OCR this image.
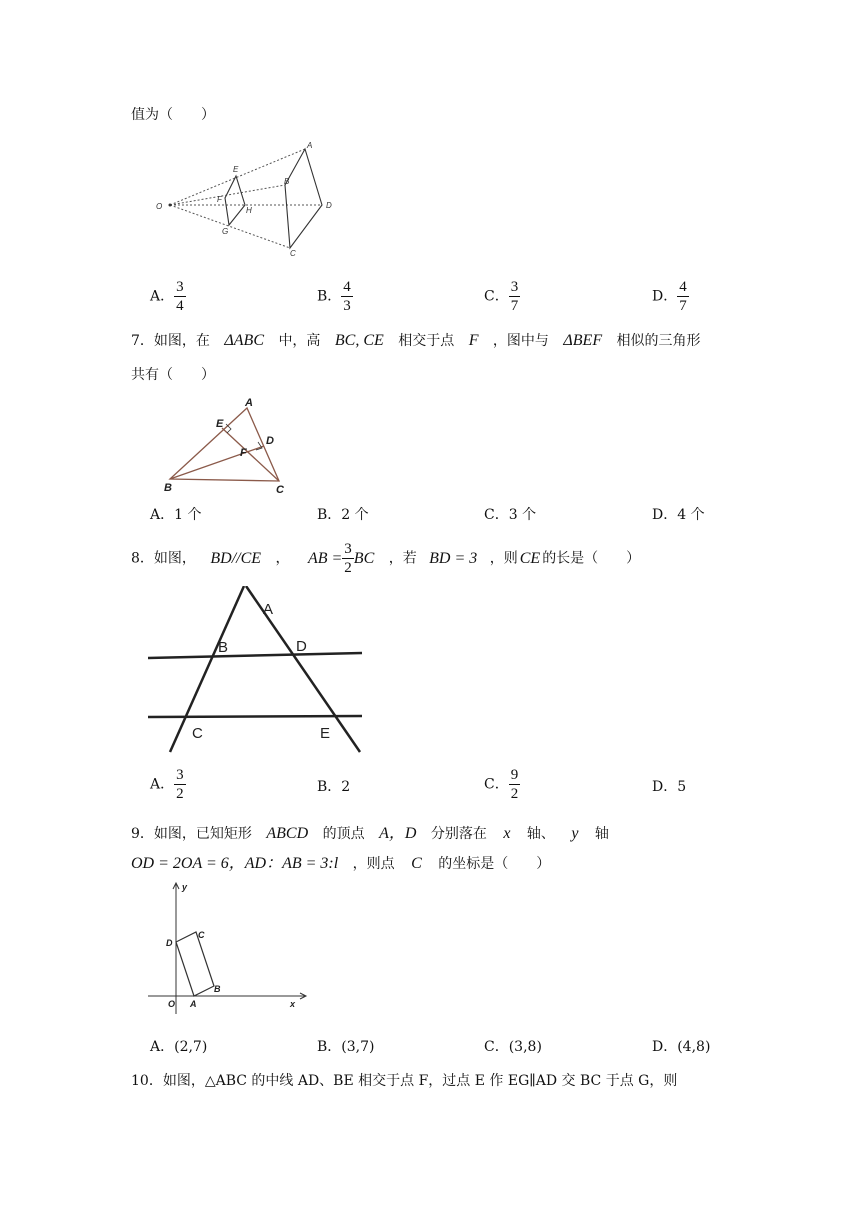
值为（　　）
O
A
B
C
D
E
F
G
H
A． $\frac{3}{4}$	B． $\frac{4}{3}$	C． $\frac{3}{7}$	D． $\frac{4}{7}$
7．如图，在 ΔABC 中，高 BC, CE 相交于点 F ，图中与 ΔBEF 相似的三角形
共有（　　）
A
B	C
D
E
F
A．1 个	B．2 个	C．3 个	D．4 个
8．如图， BD//CE ， AB = $\frac{3}{2}$ BC ，若 BD = 3 ，则 CE 的长是（　　）
A
B
C
D
E
A． $\frac{3}{2}$	B．2	C． $\frac{9}{2}$	D．5
9．如图，已知矩形 ABCD 的顶点 A，D 分别落在 x 轴、 y 轴
OD = 2OA = 6，AD：AB = 3:l ，则点 C 的坐标是（　　）
y
x
O A
B
C
D
A．(2,7)	B．(3,7)	C．(3,8)	D．(4,8)
10．如图，△ABC 的中线 AD、BE 相交于点 F，过点 E 作 EG∥AD 交 BC 于点 G，则
